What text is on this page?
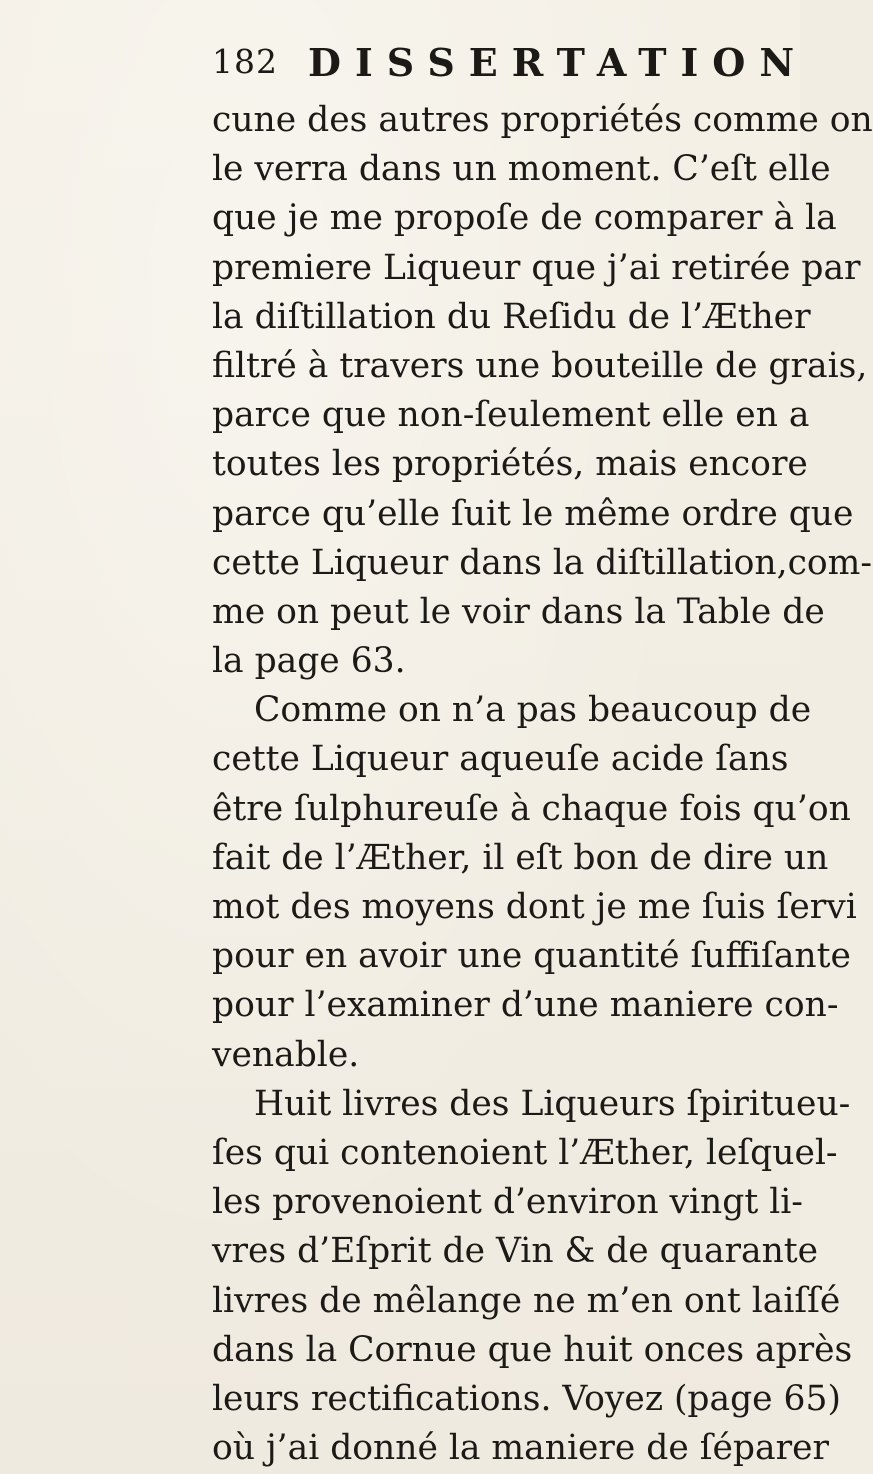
182 DISSERTATION
cune des autres propriétés comme on
le verra dans un moment. C’eſt elle
que je me propoſe de comparer à la
premiere Liqueur que j’ai retirée par
la diſtillation du Reſidu de l’Æther
filtré à travers une bouteille de grais,
parce que non-ſeulement elle en a
toutes les propriétés, mais encore
parce qu’elle ſuit le même ordre que
cette Liqueur dans la diſtillation,com-
me on peut le voir dans la Table de
la page 63.
Comme on n’a pas beaucoup de
cette Liqueur aqueuſe acide ſans
être ſulphureuſe à chaque fois qu’on
fait de l’Æther, il eſt bon de dire un
mot des moyens dont je me ſuis ſervi
pour en avoir une quantité ſuffiſante
pour l’examiner d’une maniere con-
venable.
Huit livres des Liqueurs ſpiritueu-
ſes qui contenoient l’Æther, leſquel-
les provenoient d’environ vingt li-
vres d’Eſprit de Vin & de quarante
livres de mêlange ne m’en ont laiſſé
dans la Cornue que huit onces après
leurs rectifications. Voyez (page 65)
où j’ai donné la maniere de ſéparer
